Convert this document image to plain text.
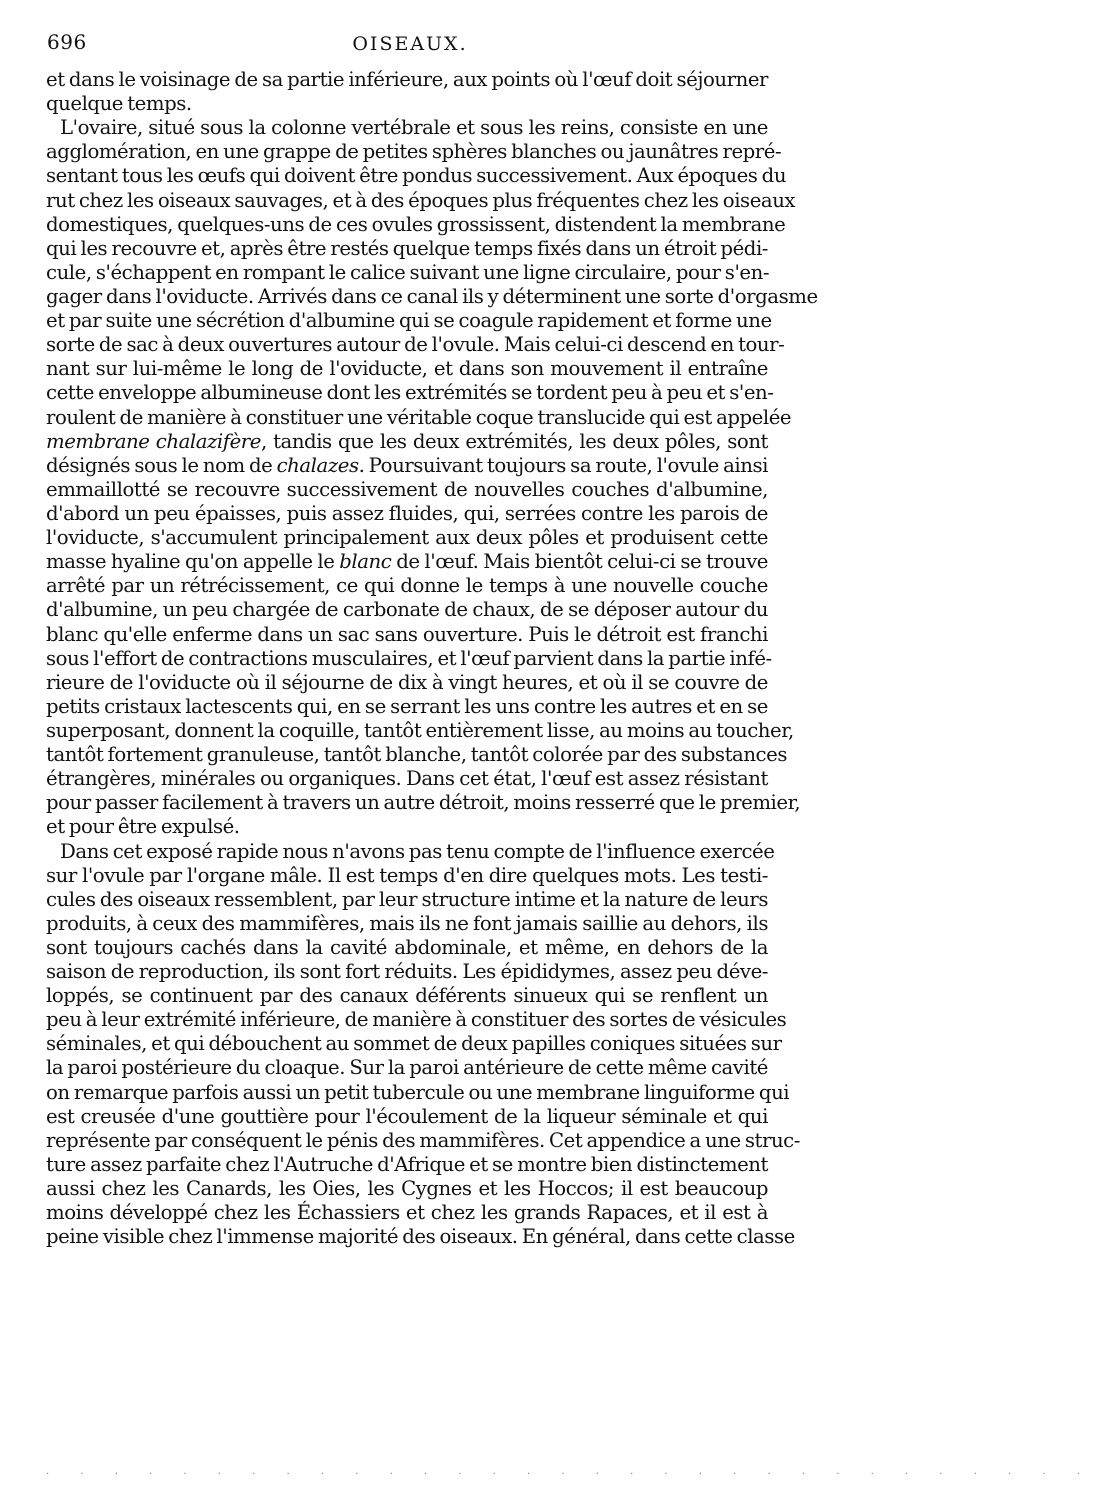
696	OISEAUX.
et dans le voisinage de sa partie inférieure, aux points où l'œuf doit séjourner
quelque temps.
L'ovaire, situé sous la colonne vertébrale et sous les reins, consiste en une
agglomération, en une grappe de petites sphères blanches ou jaunâtres repré-
sentant tous les œufs qui doivent être pondus successivement. Aux époques du
rut chez les oiseaux sauvages, et à des époques plus fréquentes chez les oiseaux
domestiques, quelques-uns de ces ovules grossissent, distendent la membrane
qui les recouvre et, après être restés quelque temps fixés dans un étroit pédi-
cule, s'échappent en rompant le calice suivant une ligne circulaire, pour s'en-
gager dans l'oviducte. Arrivés dans ce canal ils y déterminent une sorte d'orgasme
et par suite une sécrétion d'albumine qui se coagule rapidement et forme une
sorte de sac à deux ouvertures autour de l'ovule. Mais celui-ci descend en tour-
nant sur lui-même le long de l'oviducte, et dans son mouvement il entraîne
cette enveloppe albumineuse dont les extrémités se tordent peu à peu et s'en-
roulent de manière à constituer une véritable coque translucide qui est appelée
membrane chalazifère, tandis que les deux extrémités, les deux pôles, sont
désignés sous le nom de chalazes. Poursuivant toujours sa route, l'ovule ainsi
emmaillotté se recouvre successivement de nouvelles couches d'albumine,
d'abord un peu épaisses, puis assez fluides, qui, serrées contre les parois de
l'oviducte, s'accumulent principalement aux deux pôles et produisent cette
masse hyaline qu'on appelle le blanc de l'œuf. Mais bientôt celui-ci se trouve
arrêté par un rétrécissement, ce qui donne le temps à une nouvelle couche
d'albumine, un peu chargée de carbonate de chaux, de se déposer autour du
blanc qu'elle enferme dans un sac sans ouverture. Puis le détroit est franchi
sous l'effort de contractions musculaires, et l'œuf parvient dans la partie infé-
rieure de l'oviducte où il séjourne de dix à vingt heures, et où il se couvre de
petits cristaux lactescents qui, en se serrant les uns contre les autres et en se
superposant, donnent la coquille, tantôt entièrement lisse, au moins au toucher,
tantôt fortement granuleuse, tantôt blanche, tantôt colorée par des substances
étrangères, minérales ou organiques. Dans cet état, l'œuf est assez résistant
pour passer facilement à travers un autre détroit, moins resserré que le premier,
et pour être expulsé.
Dans cet exposé rapide nous n'avons pas tenu compte de l'influence exercée
sur l'ovule par l'organe mâle. Il est temps d'en dire quelques mots. Les testi-
cules des oiseaux ressemblent, par leur structure intime et la nature de leurs
produits, à ceux des mammifères, mais ils ne font jamais saillie au dehors, ils
sont toujours cachés dans la cavité abdominale, et même, en dehors de la
saison de reproduction, ils sont fort réduits. Les épididymes, assez peu déve-
loppés, se continuent par des canaux déférents sinueux qui se renflent un
peu à leur extrémité inférieure, de manière à constituer des sortes de vésicules
séminales, et qui débouchent au sommet de deux papilles coniques situées sur
la paroi postérieure du cloaque. Sur la paroi antérieure de cette même cavité
on remarque parfois aussi un petit tubercule ou une membrane linguiforme qui
est creusée d'une gouttière pour l'écoulement de la liqueur séminale et qui
représente par conséquent le pénis des mammifères. Cet appendice a une struc-
ture assez parfaite chez l'Autruche d'Afrique et se montre bien distinctement
aussi chez les Canards, les Oies, les Cygnes et les Hoccos; il est beaucoup
moins développé chez les Échassiers et chez les grands Rapaces, et il est à
peine visible chez l'immense majorité des oiseaux. En général, dans cette classe
. . . . . . . . . . . . . . . . . . . . . . . . . . . . . . .
